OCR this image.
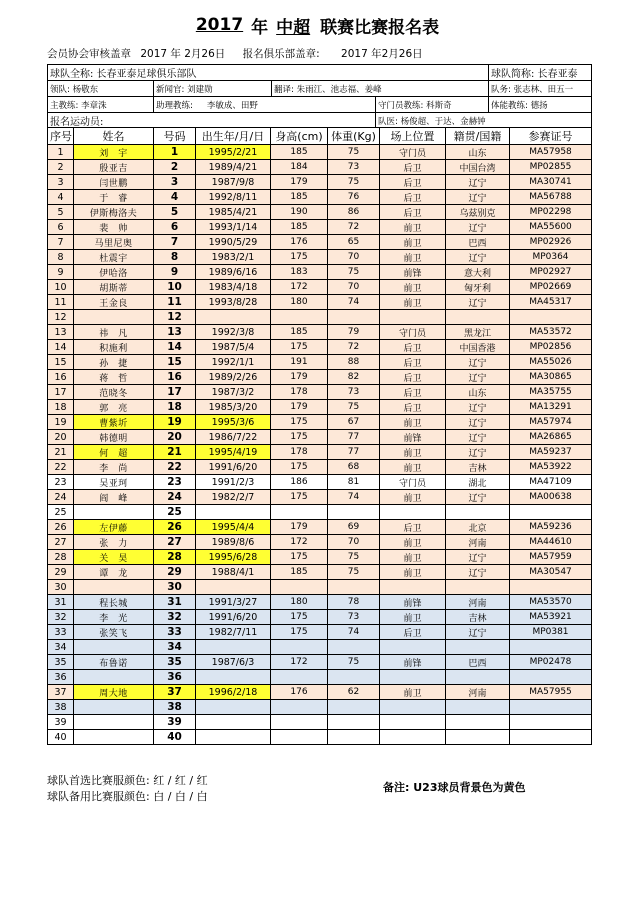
2017 年 中超 联赛比赛报名表
会员协会审核盖章 2017 年 2月26日 报名俱乐部盖章: 2017 年2月26日
球队全称: 长春亚泰足球俱乐部队				球队简称: 长春亚泰
领队: 杨敬东	新闻官: 刘建勋	翻译: 朱雨江、池志福、姜峰		队务: 张志林、田五一
主教练: 李章洙	助理教练: 李敏成、田野		守门员教练: 科斯奇	体能教练: 德扬
报名运动员:			队医: 杨俊超、于达、金赫钟	
序号	姓名	号码	出生年/月/日	身高(cm)	体重(Kg)	场上位置	籍贯/国籍	参赛证号
1	刘　宇	1	1995/2/21	185	75	守门员	山东	MA57958
2	殷亚吉	2	1989/4/21	184	73	后卫	中国台湾	MP02855
3	闫世鹏	3	1987/9/8	179	75	后卫	辽宁	MA30741
4	于　睿	4	1992/8/11	185	76	后卫	辽宁	MA56788
5	伊斯梅洛夫	5	1985/4/21	190	86	后卫	乌兹别克	MP02298
6	裴　帅	6	1993/1/14	185	72	前卫	辽宁	MA55600
7	马里尼奥	7	1990/5/29	176	65	前卫	巴西	MP02926
8	杜震宇	8	1983/2/1	175	70	前卫	辽宁	MP0364
9	伊哈洛	9	1989/6/16	183	75	前锋	意大利	MP02927
10	胡斯蒂	10	1983/4/18	172	70	前卫	匈牙利	MP02669
11	王金良	11	1993/8/28	180	74	前卫	辽宁	MA45317
12		12						
13	祎　凡	13	1992/3/8	185	79	守门员	黑龙江	MA53572
14	积施利	14	1987/5/4	175	72	后卫	中国香港	MP02856
15	孙　捷	15	1992/1/1	191	88	后卫	辽宁	MA55026
16	蒋　哲	16	1989/2/26	179	82	后卫	辽宁	MA30865
17	范晓冬	17	1987/3/2	178	73	后卫	山东	MA35755
18	郭　亮	18	1985/3/20	179	75	后卫	辽宁	MA13291
19	曹紫圻	19	1995/3/6	175	67	前卫	辽宁	MA57974
20	韩德明	20	1986/7/22	175	77	前锋	辽宁	MA26865
21	何　超	21	1995/4/19	178	77	前卫	辽宁	MA59237
22	李　尚	22	1991/6/20	175	68	前卫	吉林	MA53922
23	吴亚珂	23	1991/2/3	186	81	守门员	湖北	MA47109
24	阎　峰	24	1982/2/7	175	74	前卫	辽宁	MA00638
25		25						
26	左伊藤	26	1995/4/4	179	69	后卫	北京	MA59236
27	张　力	27	1989/8/6	172	70	前卫	河南	MA44610
28	关　昊	28	1995/6/28	175	75	前卫	辽宁	MA57959
29	谭　龙	29	1988/4/1	185	75	前卫	辽宁	MA30547
30		30						
31	程长城	31	1991/3/27	180	78	前锋	河南	MA53570
32	李　光	32	1991/6/20	175	73	前卫	吉林	MA53921
33	张笑飞	33	1982/7/11	175	74	后卫	辽宁	MP0381
34		34						
35	布鲁诺	35	1987/6/3	172	75	前锋	巴西	MP02478
36		36						
37	周大地	37	1996/2/18	176	62	前卫	河南	MA57955
38		38						
39		39						
40		40						
球队首选比赛服颜色: 红 / 红 / 红
球队备用比赛服颜色: 白 / 白 / 白
备注: U23球员背景色为黄色
